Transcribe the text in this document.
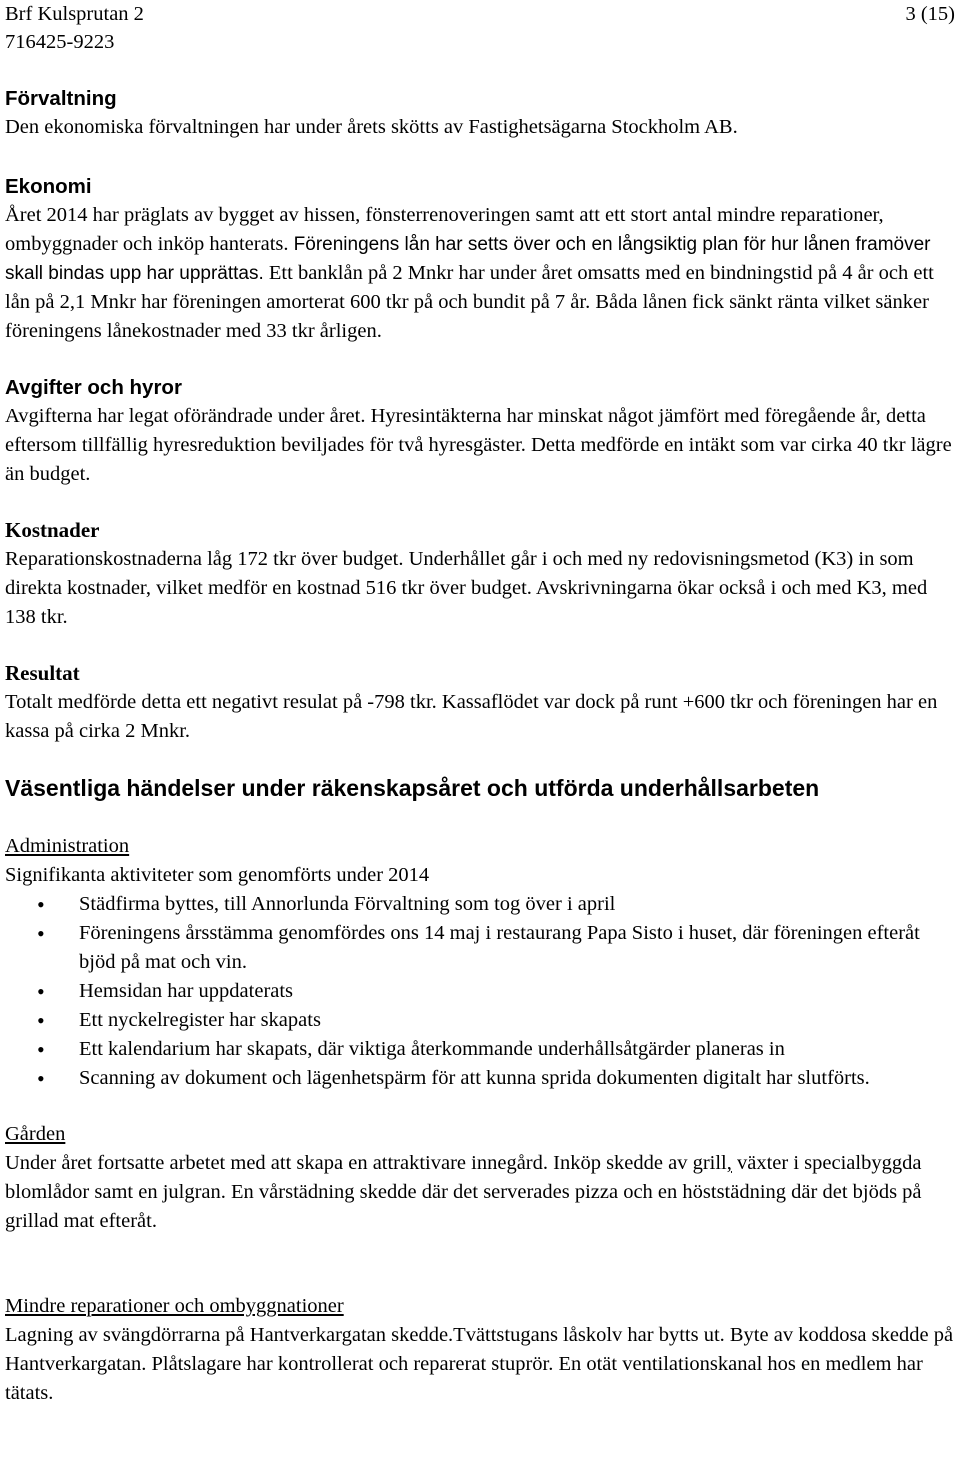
Brf Kulsprutan 2
716425-9223
3 (15)
Förvaltning

Den ekonomiska förvaltningen har under årets skötts av Fastighetsägarna Stockholm AB.

Ekonomi

Året 2014 har präglats av bygget av hissen, fönsterrenoveringen samt att ett stort antal mindre reparationer, ombyggnader och inköp hanterats. Föreningens lån har setts över och en långsiktig plan för hur lånen framöver skall bindas upp har upprättas. Ett banklån på 2 Mnkr har under året omsatts med en bindningstid på 4 år och ett lån på 2,1 Mnkr har föreningen amorterat 600 tkr på och bundit på 7 år. Båda lånen fick sänkt ränta vilket sänker föreningens lånekostnader med 33 tkr årligen.

Avgifter och hyror

Avgifterna har legat oförändrade under året. Hyresintäkterna har minskat något jämfört med föregående år, detta eftersom tillfällig hyresreduktion beviljades för två hyresgäster. Detta medförde en intäkt som var cirka 40 tkr lägre än budget.

Kostnader

Reparationskostnaderna låg 172 tkr över budget. Underhållet går i och med ny redovisningsmetod (K3) in som direkta kostnader, vilket medför en kostnad 516 tkr över budget. Avskrivningarna ökar också i och med K3, med 138 tkr.

Resultat

Totalt medförde detta ett negativt resulat på -798 tkr. Kassaflödet var dock på runt +600 tkr och föreningen har en kassa på cirka 2 Mnkr.

Väsentliga händelser under räkenskapsåret och utförda underhållsarbeten
Administration

Signifikanta aktiviteter som genomförts under 2014

• Städfirma byttes, till Annorlunda Förvaltning som tog över i april
• Föreningens årsstämma genomfördes ons 14 maj i restaurang Papa Sisto i huset, där föreningen efteråt bjöd på mat och vin.
• Hemsidan har uppdaterats
• Ett nyckelregister har skapats
• Ett kalendarium har skapats, där viktiga återkommande underhållsåtgärder planeras in
• Scanning av dokument och lägenhetspärm för att kunna sprida dokumenten digitalt har slutförts.
Gården

Under året fortsatte arbetet med att skapa en attraktivare innegård. Inköp skedde av grill, växter i specialbyggda blomlådor samt en julgran. En vårstädning skedde där det serverades pizza och en höststädning där det bjöds på grillad mat efteråt.

Mindre reparationer och ombyggnationer

Lagning av svängdörrarna på Hantverkargatan skedde.Tvättstugans låskolv har bytts ut. Byte av koddosa skedde på Hantverkargatan. Plåtslagare har kontrollerat och reparerat stuprör. En otät ventilationskanal hos en medlem har tätats.
